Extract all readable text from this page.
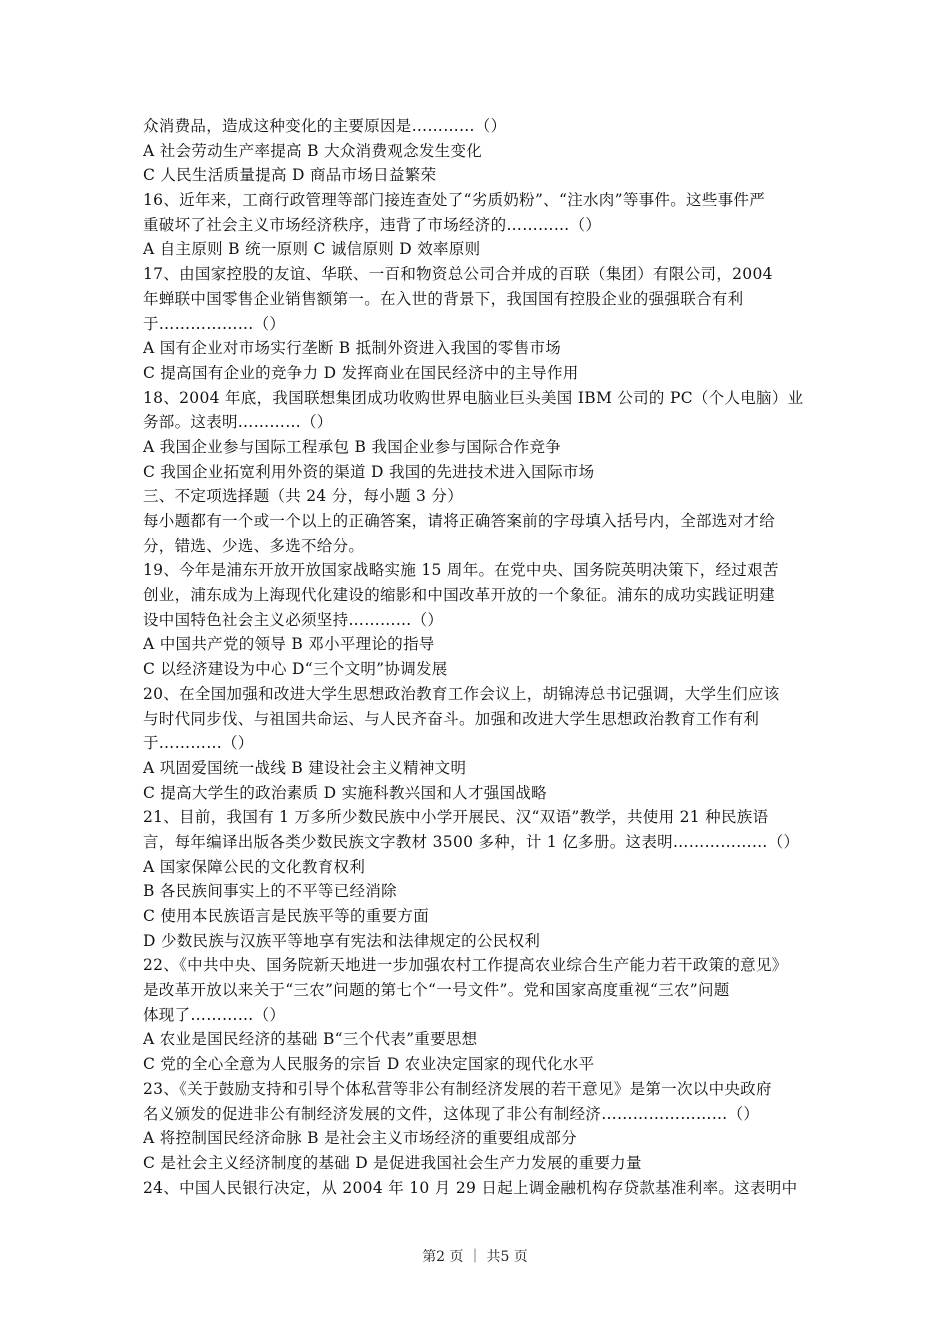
众消费品，造成这种变化的主要原因是…………（）
A 社会劳动生产率提高 B 大众消费观念发生变化
C 人民生活质量提高 D 商品市场日益繁荣
16、近年来，工商行政管理等部门接连查处了“劣质奶粉”、“注水肉”等事件。这些事件严
重破坏了社会主义市场经济秩序，违背了市场经济的…………（）
A 自主原则 B 统一原则 C 诚信原则 D 效率原则
17、由国家控股的友谊、华联、一百和物资总公司合并成的百联（集团）有限公司，2004
年蝉联中国零售企业销售额第一。在入世的背景下，我国国有控股企业的强强联合有利
于………………（）
A 国有企业对市场实行垄断 B 抵制外资进入我国的零售市场
C 提高国有企业的竞争力 D 发挥商业在国民经济中的主导作用
18、2004 年底，我国联想集团成功收购世界电脑业巨头美国 IBM 公司的 PC（个人电脑）业
务部。这表明…………（）
A 我国企业参与国际工程承包 B 我国企业参与国际合作竞争
C 我国企业拓宽利用外资的渠道 D 我国的先进技术进入国际市场
三、不定项选择题（共 24 分，每小题 3 分）
每小题都有一个或一个以上的正确答案，请将正确答案前的字母填入括号内，全部选对才给
分，错选、少选、多选不给分。
19、今年是浦东开放开放国家战略实施 15 周年。在党中央、国务院英明决策下，经过艰苦
创业，浦东成为上海现代化建设的缩影和中国改革开放的一个象征。浦东的成功实践证明建
设中国特色社会主义必须坚持…………（）
A 中国共产党的领导 B 邓小平理论的指导
C 以经济建设为中心 D“三个文明”协调发展
20、在全国加强和改进大学生思想政治教育工作会议上，胡锦涛总书记强调，大学生们应该
与时代同步伐、与祖国共命运、与人民齐奋斗。加强和改进大学生思想政治教育工作有利
于…………（）
A 巩固爱国统一战线 B 建设社会主义精神文明
C 提高大学生的政治素质 D 实施科教兴国和人才强国战略
21、目前，我国有 1 万多所少数民族中小学开展民、汉“双语”教学，共使用 21 种民族语
言，每年编译出版各类少数民族文字教材 3500 多种，计 1 亿多册。这表明………………（）
A 国家保障公民的文化教育权利
B 各民族间事实上的不平等已经消除
C 使用本民族语言是民族平等的重要方面
D 少数民族与汉族平等地享有宪法和法律规定的公民权利
22、《中共中央、国务院新天地进一步加强农村工作提高农业综合生产能力若干政策的意见》
是改革开放以来关于“三农”问题的第七个“一号文件”。党和国家高度重视“三农”问题
体现了…………（）
A 农业是国民经济的基础 B“三个代表”重要思想
C 党的全心全意为人民服务的宗旨 D 农业决定国家的现代化水平
23、《关于鼓励支持和引导个体私营等非公有制经济发展的若干意见》是第一次以中央政府
名义颁发的促进非公有制经济发展的文件，这体现了非公有制经济……………………（）
A 将控制国民经济命脉 B 是社会主义市场经济的重要组成部分
C 是社会主义经济制度的基础 D 是促进我国社会生产力发展的重要力量
24、中国人民银行决定，从 2004 年 10 月 29 日起上调金融机构存贷款基准利率。这表明中
第2 页 ｜ 共5 页
